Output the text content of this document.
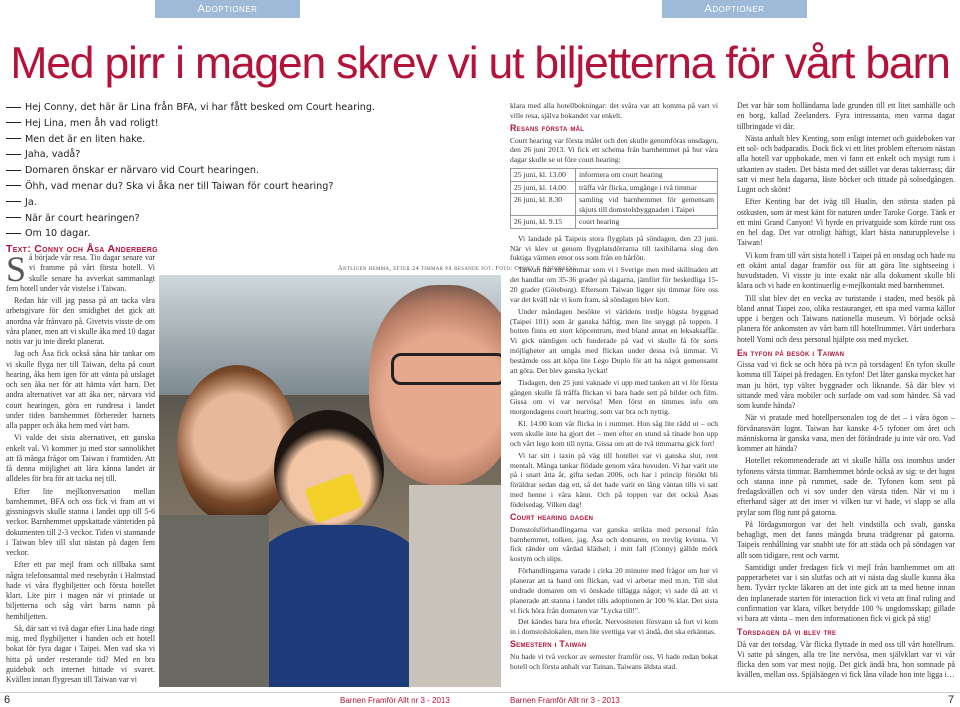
Adoptioner	Adoptioner
Med pirr i magen skrev vi ut biljetterna för vårt barn
Hej Conny, det här är Lina från BFA, vi har fått besked om Court hearing.
Hej Lina, men åh vad roligt!
Men det är en liten hake.
Jaha, vadå?
Domaren önskar er närvaro vid Court hearingen.
Öhh, vad menar du? Ska vi åka ner till Taiwan för court hearing?
Ja.
När är court hearingen?
Om 10 dagar.
Text: Conny och Åsa Anderberg

Så började vår resa. Tio dagar senare var vi framme på vårt första hotell. Vi skulle senare ha avverkat sammanlagt fem hotell under vår vistelse i Taiwan.

Redan här vill jag passa på att tacka våra arbetsgivare för den smidighet det gick att anordna vår frånvaro på. Givetvis visste de om våra planer, men att vi skulle åka med 10 dagar notis var ju inte direkt planerat.

Jag och Åsa fick också såna här tankar om vi skulle flyga ner till Taiwan, delta på court hearing, åka hem igen för att vänta på utslaget och sen åka ner för att hämta vårt barn. Det andra alternativet var att åka ner, närvara vid court hearingen, göra en rundresa i landet under tiden barnhemmet förbereder barnets alla papper och åka hem med vårt barn.

Vi valde det sista alternativet, ett ganska enkelt val. Vi kommer ju med stor sannolikhet att få många frågor om Taiwan i framtiden. Att få denna möjlighet att lära känna landet är alldeles för bra för att tacka nej till.

Efter lite mejlkonversation mellan barnhemmet, BFA och oss fick vi fram att vi gissningsvis skulle stanna i landet upp till 5-6 veckor. Barnhemmet uppskattade väntetiden på dokumenten till 2-3 veckor. Tiden vi stannande i Taiwan blev till slut nästan på dagen fem veckor.

Efter ett par mejl fram och tillbaka samt några telefonsamtal med resebyrån i Halmstad hade vi våra flygbiljetter och första hotellet klart. Lite pirr i magen när vi printade ut biljetterna och såg vårt barns namn på hembiljetten.

Så, där satt vi två dagar efter Lina hade ringt mig, med flygbiljetter i handen och ett hotell bokat för fyra dagar i Taipei. Men vad ska vi hitta på under resterande tid? Med en bra guidebok och internet hittade vi svaret. Kvällen innan flygresan till Taiwan var vi

Äntligen hemma, efter 24 timmar på resande fot. Foto: Conny E Anderberg.

klara med alla hotellbokningar: det svåra var att komma på vart vi ville resa, själva bokandet var enkelt.

Resans första mål

Court hearing var första målet och den skulle genomföras onsdagen, den 26 juni 2013. Vi fick ett schema från barnhemmet på hur våra dagar skulle se ut före court hearing:

25 juni, kl. 13.00	informera om court hearing
25 juni, kl. 14.00	träffa vår flicka, umgånge i två timmar
26 juni, kl. 8.30	samling vid barnhemmet för gemensam skjuts till domstolsbyggnaden i Taipei
26 juni, kl. 9.15	court hearing

Vi landade på Taipeis stora flygplats på söndagen, den 23 juni. När vi klev ut genom flygplatsdörrarna till taxibilarna slog den fuktiga värmen emot oss som från en hårfön.

Taiwan har sin sommar som vi i Sverige men med skillnaden att det handlar om 35-36 grader på dagarna, jämfört för beskedliga 15-20 grader (Göteborg). Eftersom Taiwan ligger sju timmar före oss var det kväll när vi kom fram, så söndagen blev kort.

Under måndagen besökte vi världens tredje högsta byggnad (Taipei 101) som är ganska häftig, men lite snyggt på toppen. I botten finns ett stort köpcentrum, med bland annat en leksaksaffär. Vi gick nämligen och funderade på vad vi skulle få för sorts möjligheter att umgås med flickan under dessa två timmar. Vi bestämde oss att köpa lite Lego Duplo för att ha något gemensamt att göra. Det blev ganska lyckat!

Tisdagen, den 25 juni vaknade vi upp med tanken att vi för första gången skulle få träffa flickan vi bara hade sett på bilder och film. Gissa om vi var nervösa! Men först en timmes info om morgondagens court hearing, som var bra och nyttig.

Kl. 14.00 kom vår flicka in i rummet. Hon såg lite rädd ut – och vem skulle inte ha gjort det – men efter en stund så tinade hon upp och vårt lego kom till nytta. Gissa om att de två timmarna gick fort!

Vi tar sitt i taxin på väg till hotellet var vi ganska slut, rent mentalt. Många tankar flödade genom våra huvuden. Vi har varit ute på i snart åtta år, gifta sedan 2006, och har i princip försökt bli föräldrar sedan dag ett, så det hade varit en lång väntan tills vi satt med henne i våra känn. Och på toppen var det också Åsas födelsedag. Vilken dag!

Court hearing dagen

Domstolsförhandlingarna var ganska strikta med personal från barnhemmet, tolken, jag, Åsa och domaren, en trevlig kvinna. Vi fick ränder om vårdad klädsel; i mitt fall (Conny) gällde mörk kostym och slips.

Förhandlingarna varade i cirka 20 minuter med frågor om hur vi planerar att ta hand om flickan, vad vi arbetar med m.m. Till slut undrade domaren om vi önskade tillägga något; vi sade då att vi planerade att stanna i landet tills adoptionen är 100 % klar. Det sista vi fick höra från domaren var "Lycka till!".

Det kändes bara bra efteråt. Nervositeten försvann så fort vi kom in i domstolslokalen, men lite svettiga var vi ändå, det ska erkännas.

Semestern i Taiwan

Nu hade vi två veckor av semester framför oss. Vi hade redan bokat hotell och första anhalt var Tainan, Taiwans äldsta stad.

Det var här som holländarna lade grunden till ett litet samhälle och en borg, kallad Zeelanders. Fyra intressanta, men varma dagar tillbringade vi där.

Nästa anhalt blev Kenting, som enligt internet och guideboken var ett sol- och badparadis. Dock fick vi ett litet problem eftersom nästan alla hotell var uppbokade, men vi fann ett enkelt och mysigt rum i utkanten av staden. Det bästa med det stället var deras takterrass; där satt vi mest hela dagarna, läste böcker och tittade på solnedgången. Lugnt och skönt!

Efter Kenting bar det iväg till Hualin, den största staden på ostkusten, som är mest känt för naturen under Taroke Gorge. Tänk er ett mini Grand Canyon! Vi hyrde en privatguide som körde runt oss en hel dag. Det var otroligt häftigt, klart bästa naturupplevelse i Taiwan!

Vi kom fram till vårt sista hotell i Taipei på en onsdag och hade nu ett okänt antal dagar framför oss för att göra lite sightseeing i huvudstaden. Vi visste ju inte exakt när alla dokument skulle bli klara och vi hade en kontinuerlig e-mejlkontakt med barnhemmet.

Till slut blev det en vecka av turistande i staden, med besök på bland annat Taipei zoo, olika restauranger, ett spa med varma källor uppe i bergen och Taiwans nationella museum. Vi började också planera för ankomsten av vårt barn till hotellrummet. Vårt underbara hotell Yomi och dess personal hjälpte oss med mycket.

En tyfon på besök i Taiwan

Gissa vad vi fick se och höra på tv:n på torsdagen! En tyfon skulle komma till Taipei på fredagen. En tyfon! Det låter ganska mycket har man ju hört, typ välter byggnader och liknande. Så där blev vi sittande med våra mobiler och surfade om vad som händer. Så vad som kunde hända?

När vi pratade med hotellpersonalen tog de det – i våra ögon – förvånansvärt lugnt. Taiwan har kanske 4-5 tyfoner om året och människorna är ganska vana, men det förändrade ju inte vår oro. Vad kommer att hända?

Hotellet rekommenderade att vi skulle hålla oss inomhus under tyfonens värsta timmar. Barnhemmet hörde också av sig: te det lugnt och stanna inne på rummet, sade de. Tyfonen kom sent på fredagskvällen och vi sov under den värsta tiden. När vi nu i efterhand säger att det inser vi vilken tur vi hade, vi slapp se alla prylar som flög runt på gatorna.

På lördagsmorgon var det helt vindstilla och svalt, ganska behagligt, men det fanns mängda bruna trädgrenar på gatorna. Taipeis renhållning var snabbt ute för att städa och på söndagen var allt som tidigare, rent och varmt.

Samtidigt under fredagen fick vi mejl från barnhemmet om att papperarbetet var i sin slutfas och att vi nästa dag skulle kunna åka hem. Tyvärr tyckte läkaren att det inte gick att ta med henne innan den inplanerade starten för interaction fick vi veta att final ruling and confirmation var klara, vilket betydde 100 % ungdomsskap; gillade vi bara att vänta – men den informationen fick vi gick på stig!

Torsdagen då vi blev tre

Då var det torsdag. Vår flicka flyttade in med oss till vårt hotellrum. Vi satte på sängen, alla tre lite nervösa, men självklart var vi vår flicka den som var mest nojig. Det gick ändå bra, hon somnade på kvällen, mellan oss. Spjälsängen vi fick låna vilade hon inte ligga i…

6	Barnen Framför Allt nr 3 - 2013	Barnen Framför Allt nr 3 - 2013	7
